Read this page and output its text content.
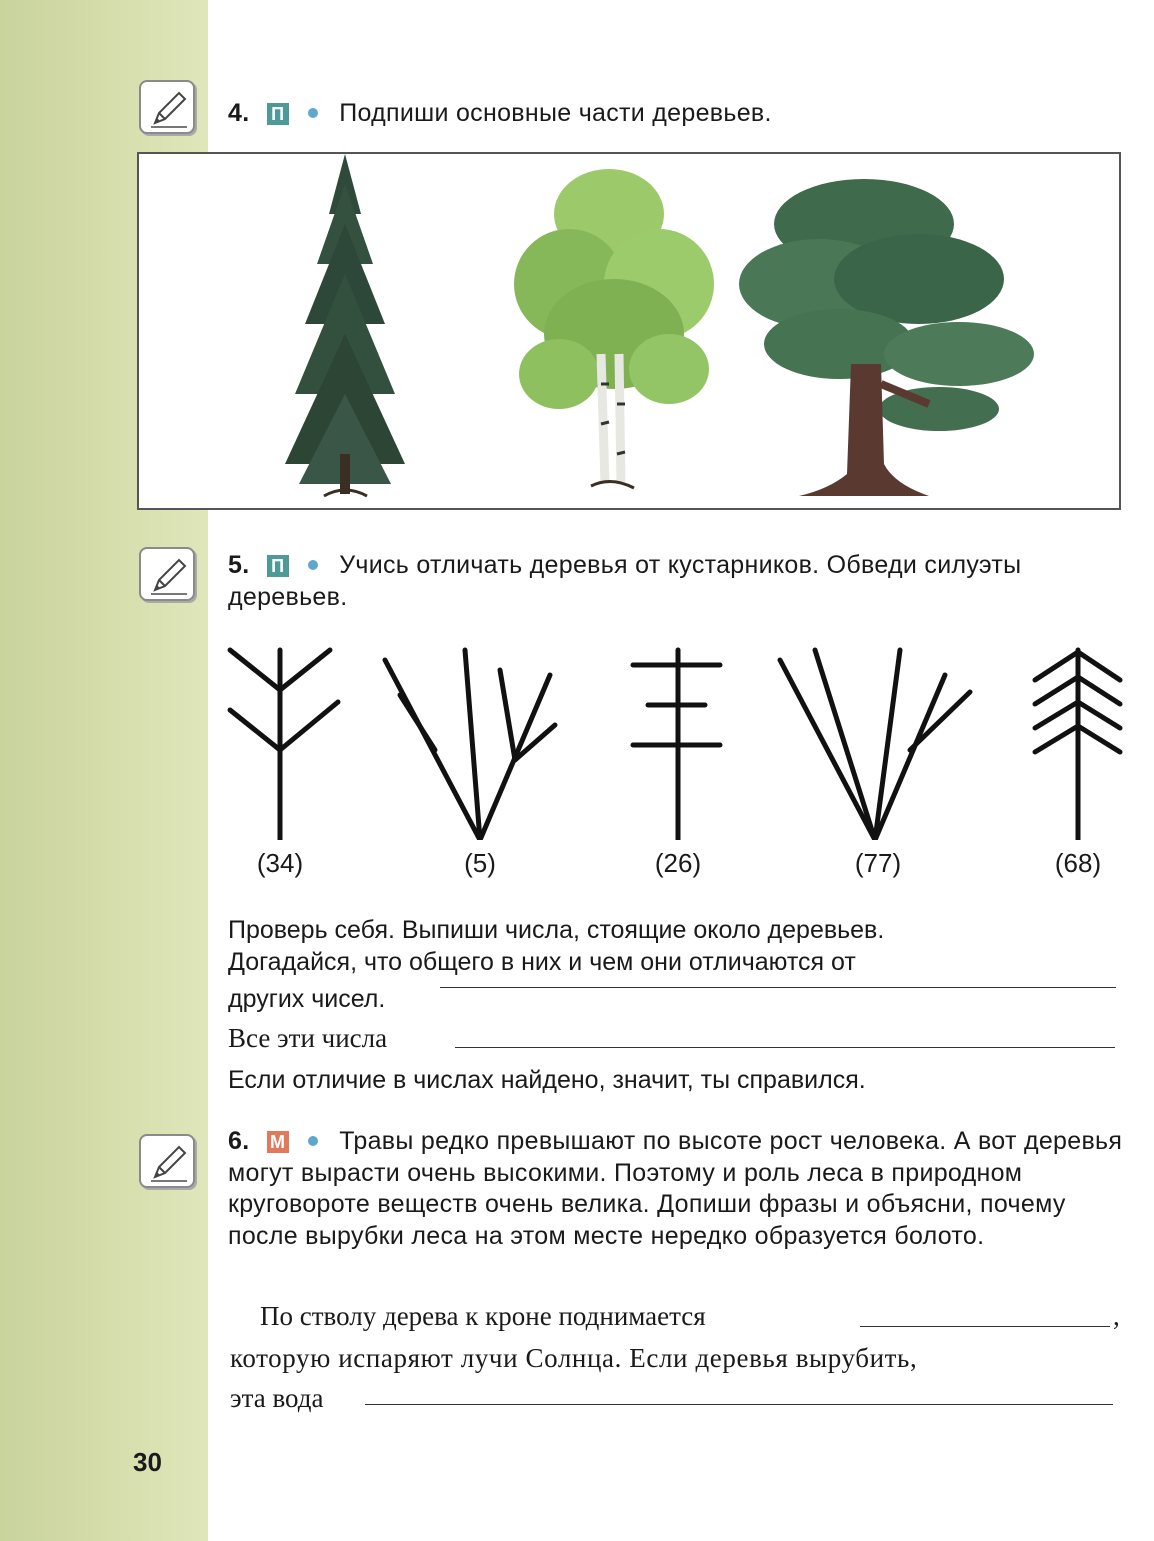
4. П Подпиши основные части деревьев.
5. П Учись отличать деревья от кустарников. Обведи силуэты деревьев.
(34)	(5)	(26)	(77)	(68)
Проверь себя. Выпиши числа, стоящие около деревьев.
Догадайся, что общего в них и чем они отличаются от
других чисел.
Все эти числа
Если отличие в числах найдено, значит, ты справился.
6. М Травы редко превышают по высоте рост человека. А вот деревья могут вырасти очень высокими. Поэтому и роль леса в природном круговороте веществ очень велика. Допиши фразы и объясни, почему после вырубки леса на этом месте нередко образуется болото.
По стволу дерева к кроне поднимается	,
которую испаряют лучи Солнца. Если деревья вырубить,
эта вода
30
